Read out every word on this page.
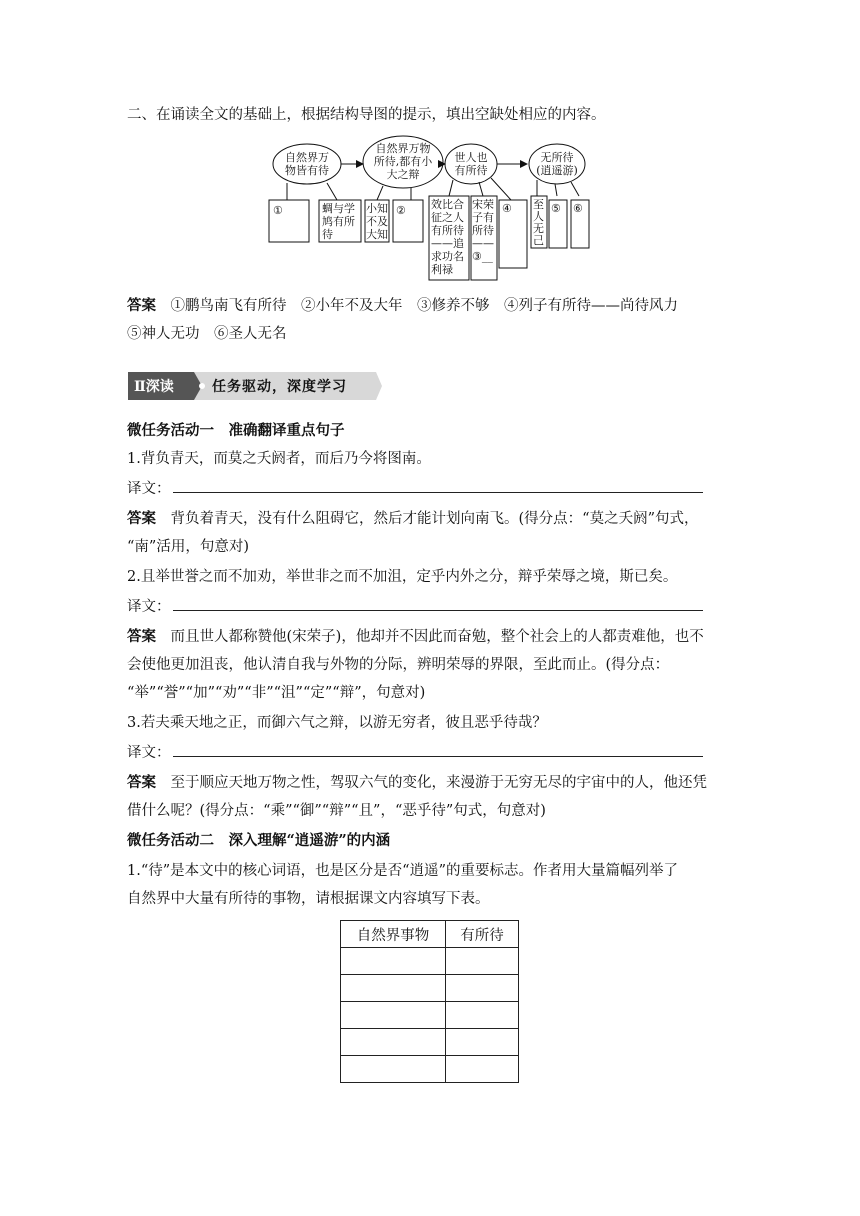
二、在诵读全文的基础上，根据结构导图的提示，填出空缺处相应的内容。

自然界万
物皆有待
自然界万物
所待,都有小
大之辩
世人也
有所待
无所待
(逍遥游)
①	蜩与学
鸠有所
待
小知
不及
大知
② 效比合
征之人
有所待
——追
求功名
利禄
宋荣
子有
所待
——
③__
④ 至
人
无
己
⑤ ⑥

答案　 ①鹏鸟南飞有所待　②小年不及大年　③修养不够　④列子有所待——尚待风力

⑤神人无功　⑥圣人无名

Ⅱ深读	任务驱动，深度学习

微任务活动一　准确翻译重点句子

1.背负青天，而莫之夭阏者，而后乃今将图南。

译文：

答案　背负着青天，没有什么阻碍它，然后才能计划向南飞。(得分点：“莫之夭阏”句式，

“南”活用，句意对)

2.且举世誉之而不加劝，举世非之而不加沮，定乎内外之分，辩乎荣辱之境，斯已矣。

译文：

答案　而且世人都称赞他(宋荣子)，他却并不因此而奋勉，整个社会上的人都责难他，也不

会使他更加沮丧，他认清自我与外物的分际，辨明荣辱的界限，至此而止。(得分点：

“举”“誉”“加”“劝”“非”“沮”“定”“辩”，句意对)

3.若夫乘天地之正，而御六气之辩，以游无穷者，彼且恶乎待哉？

译文：

答案　至于顺应天地万物之性，驾驭六气的变化，来漫游于无穷无尽的宇宙中的人，他还凭

借什么呢？(得分点：“乘”“御”“辩”“且”，“恶乎待”句式，句意对)

微任务活动二　深入理解“逍遥游”的内涵

1.“待”是本文中的核心词语，也是区分是否“逍遥”的重要标志。作者用大量篇幅列举了

自然界中大量有所待的事物，请根据课文内容填写下表。

自然界事物	有所待
